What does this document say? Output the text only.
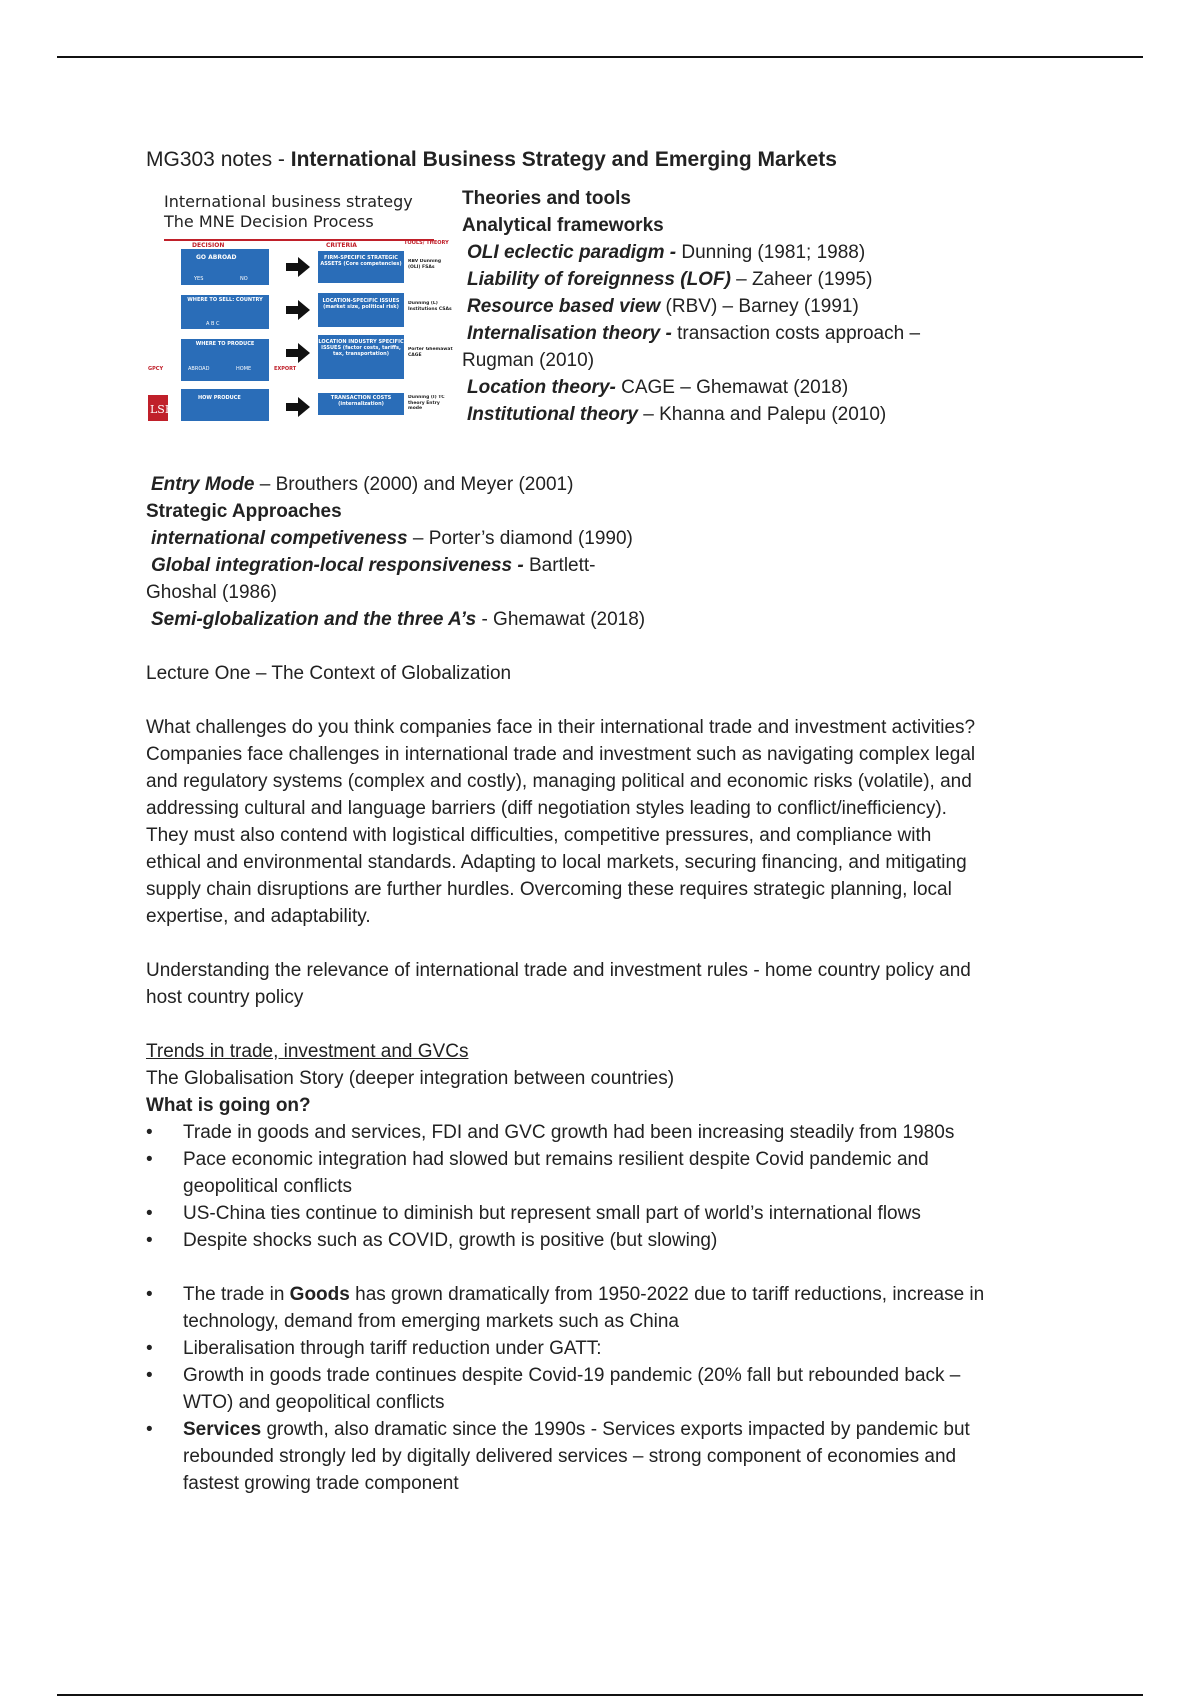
MG303 notes - International Business Strategy and Emerging Markets
International business strategy
The MNE Decision Process
DECISION	CRITERIA	TOOLS/ THEORY
GO ABROAD
YES	NO
FIRM-SPECIFIC STRATEGIC ASSETS (Core competencies)	RBV Dunning (OLI) FSAs
WHERE TO SELL: COUNTRY
A B C
LOCATION-SPECIFIC ISSUES (market size, political risk)
Dunning (L) Institutions CSAs
WHERE TO PRODUCE
ABROAD	HOME	EXPORT
GPCY
LOCATION INDUSTRY SPECIFIC ISSUES (factor costs, tariffs, tax, transportation)
Porter Ghemawat CAGE
HOW PRODUCE	TRANSACTION COSTS (internalization)
Dunning (I) TC theory Entry mode
LSE
Theories and tools
Analytical frameworks
OLI eclectic paradigm - Dunning (1981; 1988)
Liability of foreignness (LOF) – Zaheer (1995)
Resource based view (RBV) – Barney (1991)
Internalisation theory - transaction costs approach –
Rugman (2010)
Location theory- CAGE – Ghemawat (2018)
Institutional theory – Khanna and Palepu (2010)
Entry Mode – Brouthers (2000) and Meyer (2001)
Strategic Approaches
international competiveness – Porter’s diamond (1990)
Global integration-local responsiveness - Bartlett-
Ghoshal (1986)
Semi-globalization and the three A’s - Ghemawat (2018)
Lecture One – The Context of Globalization
What challenges do you think companies face in their international trade and investment activities?
Companies face challenges in international trade and investment such as navigating complex legal
and regulatory systems (complex and costly), managing political and economic risks (volatile), and
addressing cultural and language barriers (diff negotiation styles leading to conflict/inefficiency).
They must also contend with logistical difficulties, competitive pressures, and compliance with
ethical and environmental standards. Adapting to local markets, securing financing, and mitigating
supply chain disruptions are further hurdles. Overcoming these requires strategic planning, local
expertise, and adaptability.
Understanding the relevance of international trade and investment rules - home country policy and
host country policy
Trends in trade, investment and GVCs
The Globalisation Story (deeper integration between countries)
What is going on?
• Trade in goods and services, FDI and GVC growth had been increasing steadily from 1980s
• Pace economic integration had slowed but remains resilient despite Covid pandemic and
geopolitical conflicts
• US-China ties continue to diminish but represent small part of world’s international flows
• Despite shocks such as COVID, growth is positive (but slowing)
• The trade in Goods has grown dramatically from 1950-2022 due to tariff reductions, increase in
technology, demand from emerging markets such as China
• Liberalisation through tariff reduction under GATT:
• Growth in goods trade continues despite Covid-19 pandemic (20% fall but rebounded back –
WTO) and geopolitical conflicts
• Services growth, also dramatic since the 1990s - Services exports impacted by pandemic but
rebounded strongly led by digitally delivered services – strong component of economies and
fastest growing trade component
